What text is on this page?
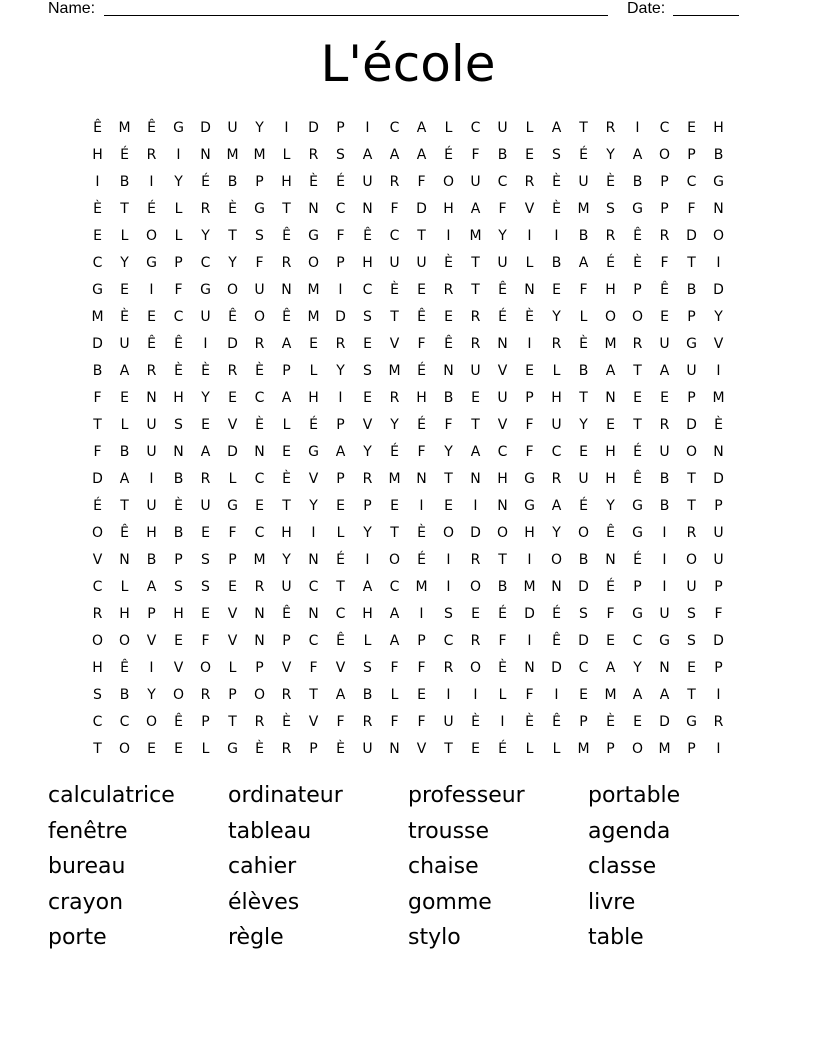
Name:	Date:
L'école
Ê	M	Ê	G	D	U	Y	I	D	P	I	C	A	L	C	U	L	A	T	R	I	C	E	H
H	É	R	I	N	M	M	L	R	S	A	A	A	É	F	B	E	S	É	Y	A	O	P	B
I	B	I	Y	É	B	P	H	È	É	U	R	F	O	U	C	R	È	U	È	B	P	C	G
È	T	É	L	R	È	G	T	N	C	N	F	D	H	A	F	V	È	M	S	G	P	F	N
E	L	O	L	Y	T	S	Ê	G	F	Ê	C	T	I	M	Y	I	I	B	R	Ê	R	D	O
C	Y	G	P	C	Y	F	R	O	P	H	U	U	È	T	U	L	B	A	É	È	F	T	I
G	E	I	F	G	O	U	N	M	I	C	È	E	R	T	Ê	N	E	F	H	P	Ê	B	D
M	È	E	C	U	Ê	O	Ê	M	D	S	T	Ê	E	R	É	È	Y	L	O	O	E	P	Y
D	U	Ê	Ê	I	D	R	A	E	R	E	V	F	Ê	R	N	I	R	È	M	R	U	G	V
B	A	R	È	È	R	È	P	L	Y	S	M	É	N	U	V	E	L	B	A	T	A	U	I
F	E	N	H	Y	E	C	A	H	I	E	R	H	B	E	U	P	H	T	N	E	E	P	M
T	L	U	S	E	V	È	L	É	P	V	Y	É	F	T	V	F	U	Y	E	T	R	D	È
F	B	U	N	A	D	N	E	G	A	Y	É	F	Y	A	C	F	C	E	H	É	U	O	N
D	A	I	B	R	L	C	È	V	P	R	M	N	T	N	H	G	R	U	H	Ê	B	T	D
É	T	U	È	U	G	E	T	Y	E	P	E	I	E	I	N	G	A	É	Y	G	B	T	P
O	Ê	H	B	E	F	C	H	I	L	Y	T	È	O	D	O	H	Y	O	Ê	G	I	R	U
V	N	B	P	S	P	M	Y	N	É	I	O	É	I	R	T	I	O	B	N	É	I	O	U
C	L	A	S	S	E	R	U	C	T	A	C	M	I	O	B	M	N	D	É	P	I	U	P
R	H	P	H	E	V	N	Ê	N	C	H	A	I	S	E	É	D	É	S	F	G	U	S	F
O	O	V	E	F	V	N	P	C	Ê	L	A	P	C	R	F	I	Ê	D	E	C	G	S	D
H	Ê	I	V	O	L	P	V	F	V	S	F	F	R	O	È	N	D	C	A	Y	N	E	P
S	B	Y	O	R	P	O	R	T	A	B	L	E	I	I	L	F	I	E	M	A	A	T	I
C	C	O	Ê	P	T	R	È	V	F	R	F	F	U	È	I	È	Ê	P	È	E	D	G	R
T	O	E	E	L	G	È	R	P	È	U	N	V	T	E	É	L	L	M	P	O	M	P	I
calculatrice	ordinateur	professeur	portable
fenêtre	tableau	trousse	agenda
bureau	cahier	chaise	classe
crayon	élèves	gomme	livre
porte	règle	stylo	table
